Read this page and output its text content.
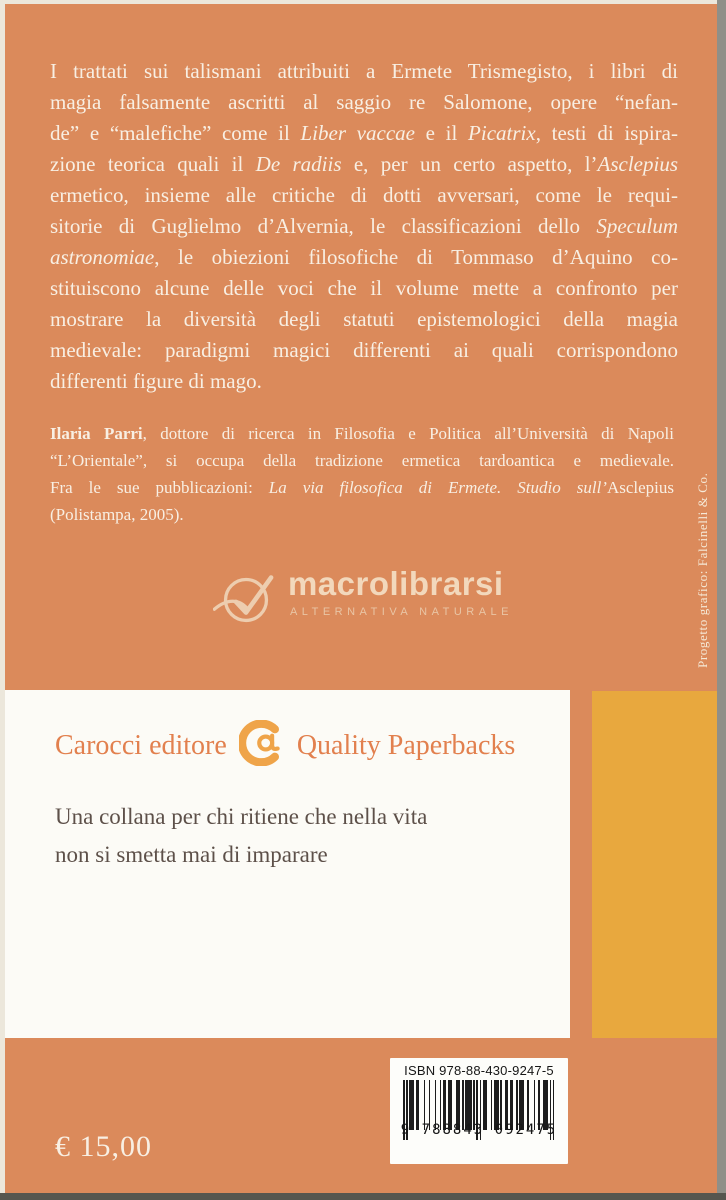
I trattati sui talismani attribuiti a Ermete Trismegisto, i libri di
magia falsamente ascritti al saggio re Salomone, opere “nefan-
de” e “malefiche” come il Liber vaccae e il Picatrix, testi di ispira-
zione teorica quali il De radiis e, per un certo aspetto, l’Asclepius
ermetico, insieme alle critiche di dotti avversari, come le requi-
sitorie di Guglielmo d’Alvernia, le classificazioni dello Speculum
astronomiae, le obiezioni filosofiche di Tommaso d’Aquino co-
stituiscono alcune delle voci che il volume mette a confronto per
mostrare la diversità degli statuti epistemologici della magia
medievale: paradigmi magici differenti ai quali corrispondono
differenti figure di mago.
Ilaria Parri, dottore di ricerca in Filosofia e Politica all’Università di Napoli
“L’Orientale”, si occupa della tradizione ermetica tardoantica e medievale.
Fra le sue pubblicazioni: La via filosofica di Ermete. Studio sull’Asclepius
(Polistampa, 2005).
macrolibrarsi
ALTERNATIVA NATURALE
Carocci editore	Quality Paperbacks
Una collana per chi ritiene che nella vita
non si smetta mai di imparare
ISBN 978-88-430-9247-5
9 788843 092475
€ 15,00
Progetto grafico: Falcinelli & Co.
